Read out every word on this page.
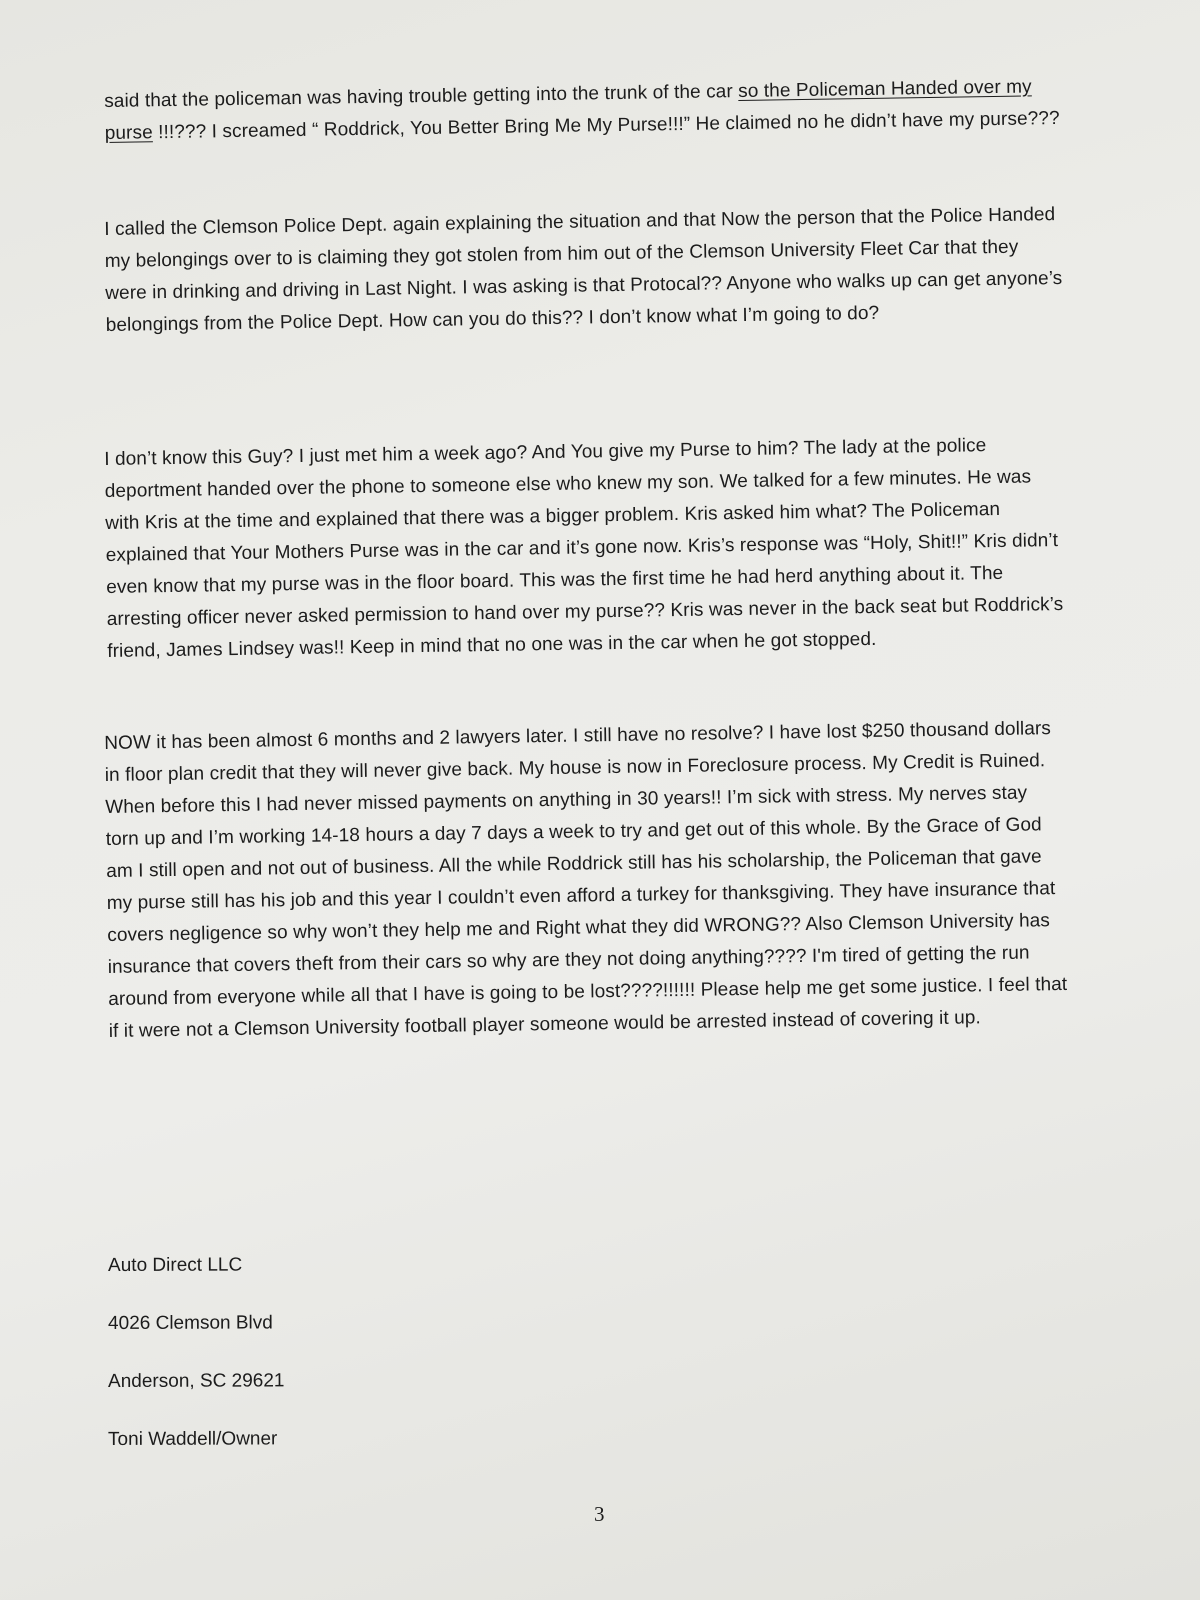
said that the policeman was having trouble getting into the trunk of the car so the Policeman Handed over my purse !!!??? I screamed “ Roddrick, You Better Bring Me My Purse!!!” He claimed no he didn’t have my purse???

I called the Clemson Police Dept. again explaining the situation and that Now the person that the Police Handed my belongings over to is claiming they got stolen from him out of the Clemson University Fleet Car that they were in drinking and driving in Last Night. I was asking is that Protocal?? Anyone who walks up can get anyone’s belongings from the Police Dept. How can you do this?? I don’t know what I’m going to do?

I don’t know this Guy? I just met him a week ago? And You give my Purse to him? The lady at the police deportment handed over the phone to someone else who knew my son. We talked for a few minutes. He was with Kris at the time and explained that there was a bigger problem. Kris asked him what? The Policeman explained that Your Mothers Purse was in the car and it’s gone now. Kris’s response was “Holy, Shit!!” Kris didn’t even know that my purse was in the floor board. This was the first time he had herd anything about it. The arresting officer never asked permission to hand over my purse?? Kris was never in the back seat but Roddrick’s friend, James Lindsey was!! Keep in mind that no one was in the car when he got stopped.

NOW it has been almost 6 months and 2 lawyers later. I still have no resolve? I have lost $250 thousand dollars in floor plan credit that they will never give back. My house is now in Foreclosure process. My Credit is Ruined. When before this I had never missed payments on anything in 30 years!! I’m sick with stress. My nerves stay torn up and I’m working 14-18 hours a day 7 days a week to try and get out of this whole. By the Grace of God am I still open and not out of business. All the while Roddrick still has his scholarship, the Policeman that gave my purse still has his job and this year I couldn’t even afford a turkey for thanksgiving. They have insurance that covers negligence so why won’t they help me and Right what they did WRONG?? Also Clemson University has insurance that covers theft from their cars so why are they not doing anything???? I'm tired of getting the run around from everyone while all that I have is going to be lost????!!!!!! Please help me get some justice. I feel that if it were not a Clemson University football player someone would be arrested instead of covering it up.

Auto Direct LLC
4026 Clemson Blvd
Anderson, SC 29621
Toni Waddell/Owner
3
